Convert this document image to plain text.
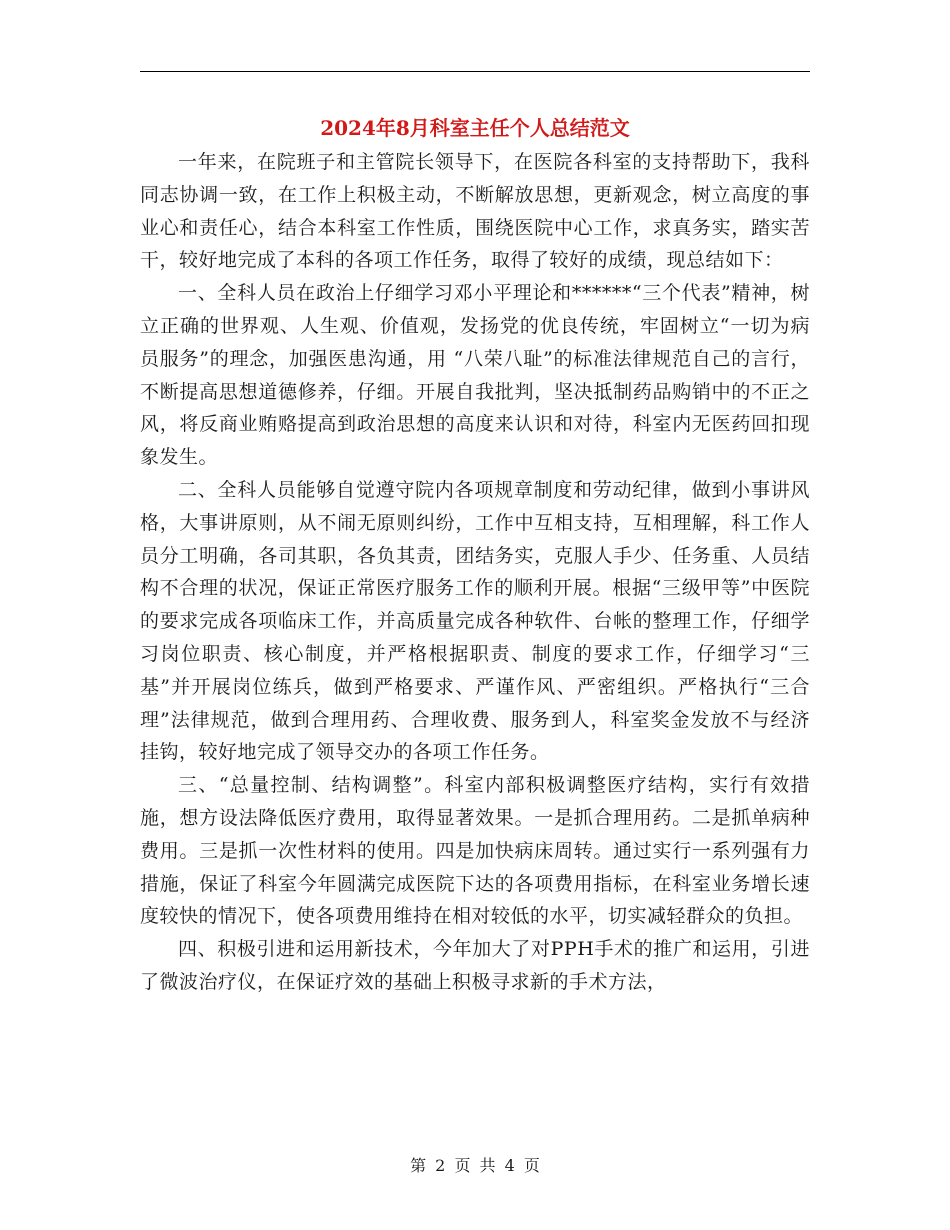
2024年8月科室主任个人总结范文

一年来，在院班子和主管院长领导下，在医院各科室的支持帮助下，我科同志协调一致，在工作上积极主动，不断解放思想，更新观念，树立高度的事业心和责任心，结合本科室工作性质，围绕医院中心工作，求真务实，踏实苦干，较好地完成了本科的各项工作任务，取得了较好的成绩，现总结如下：

一、全科人员在政治上仔细学习邓小平理论和******“三个代表”精神，树立正确的世界观、人生观、价值观，发扬党的优良传统，牢固树立“一切为病员服务”的理念，加强医患沟通，用 “八荣八耻”的标准法律规范自己的言行，不断提高思想道德修养，仔细。开展自我批判，坚决抵制药品购销中的不正之风，将反商业贿赂提高到政治思想的高度来认识和对待，科室内无医药回扣现象发生。

二、全科人员能够自觉遵守院内各项规章制度和劳动纪律，做到小事讲风格，大事讲原则，从不闹无原则纠纷，工作中互相支持，互相理解，科工作人员分工明确，各司其职，各负其责，团结务实，克服人手少、任务重、人员结构不合理的状况，保证正常医疗服务工作的顺利开展。根据“三级甲等”中医院的要求完成各项临床工作，并高质量完成各种软件、台帐的整理工作，仔细学习岗位职责、核心制度，并严格根据职责、制度的要求工作，仔细学习“三基”并开展岗位练兵，做到严格要求、严谨作风、严密组织。严格执行“三合理”法律规范，做到合理用药、合理收费、服务到人，科室奖金发放不与经济挂钩，较好地完成了领导交办的各项工作任务。

三、“总量控制、结构调整”。科室内部积极调整医疗结构，实行有效措施，想方设法降低医疗费用，取得显著效果。一是抓合理用药。二是抓单病种费用。三是抓一次性材料的使用。四是加快病床周转。通过实行一系列强有力措施，保证了科室今年圆满完成医院下达的各项费用指标，在科室业务增长速度较快的情况下，使各项费用维持在相对较低的水平，切实减轻群众的负担。

四、积极引进和运用新技术，今年加大了对PPH手术的推广和运用，引进了微波治疗仪，在保证疗效的基础上积极寻求新的手术方法，

第 2 页 共 4 页
